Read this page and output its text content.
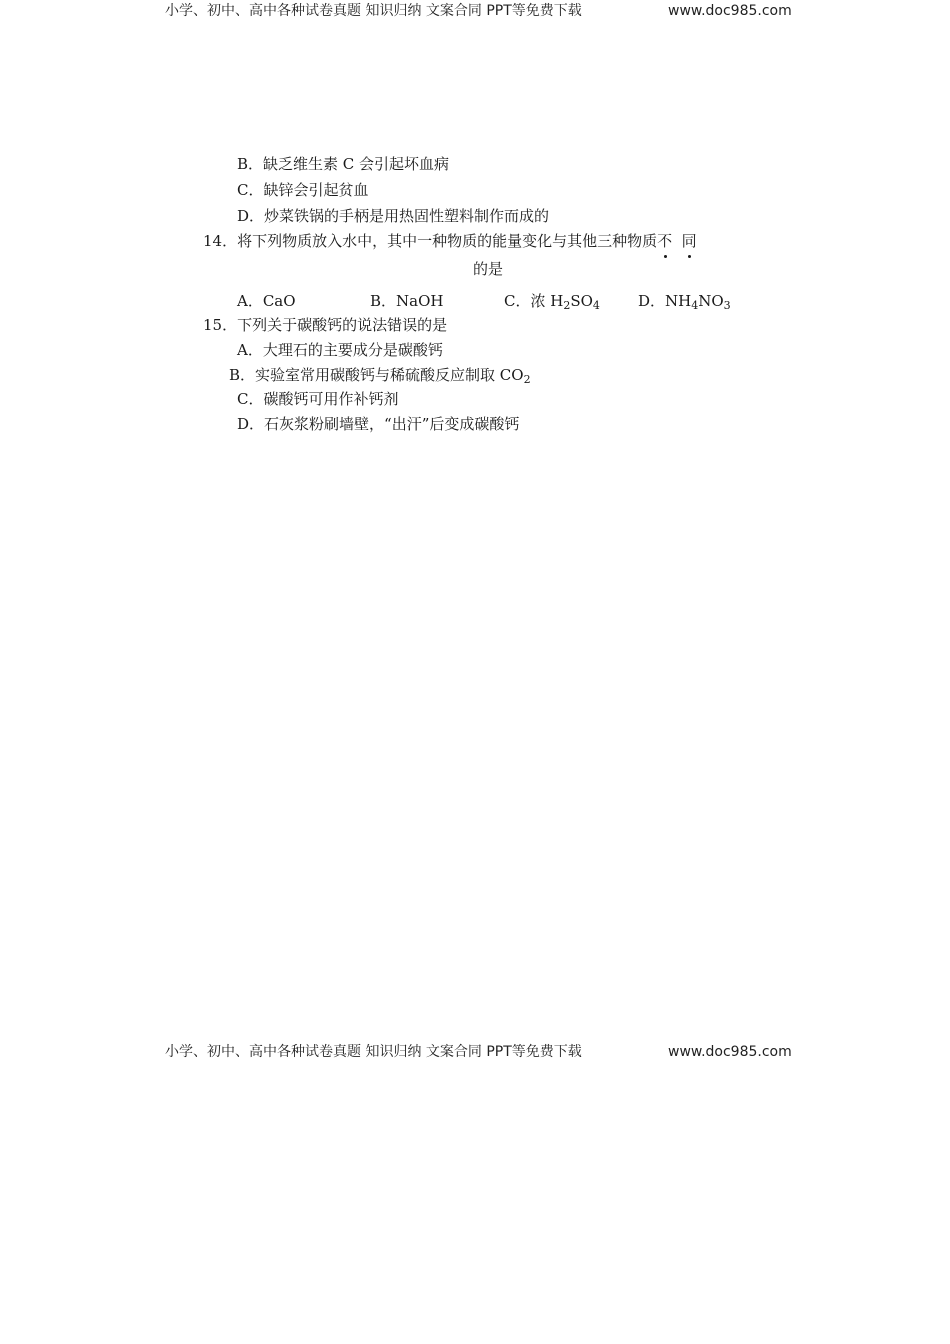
小学、初中、高中各种试卷真题 知识归纳 文案合同 PPT等免费下载	www.doc985.com
B．缺乏维生素 C 会引起坏血病
C．缺锌会引起贫血
D．炒菜铁锅的手柄是用热固性塑料制作而成的
14．将下列物质放入水中，其中一种物质的能量变化与其他三种物质不 同
的是
A．CaO	B．NaOH	C．浓 $H_2SO_4$	D．$NH_4NO_3$
15．下列关于碳酸钙的说法错误的是
A．大理石的主要成分是碳酸钙
B．实验室常用碳酸钙与稀硫酸反应制取 $CO_2$
C．碳酸钙可用作补钙剂
D．石灰浆粉刷墙壁，“出汗”后变成碳酸钙
小学、初中、高中各种试卷真题 知识归纳 文案合同 PPT等免费下载	www.doc985.com
